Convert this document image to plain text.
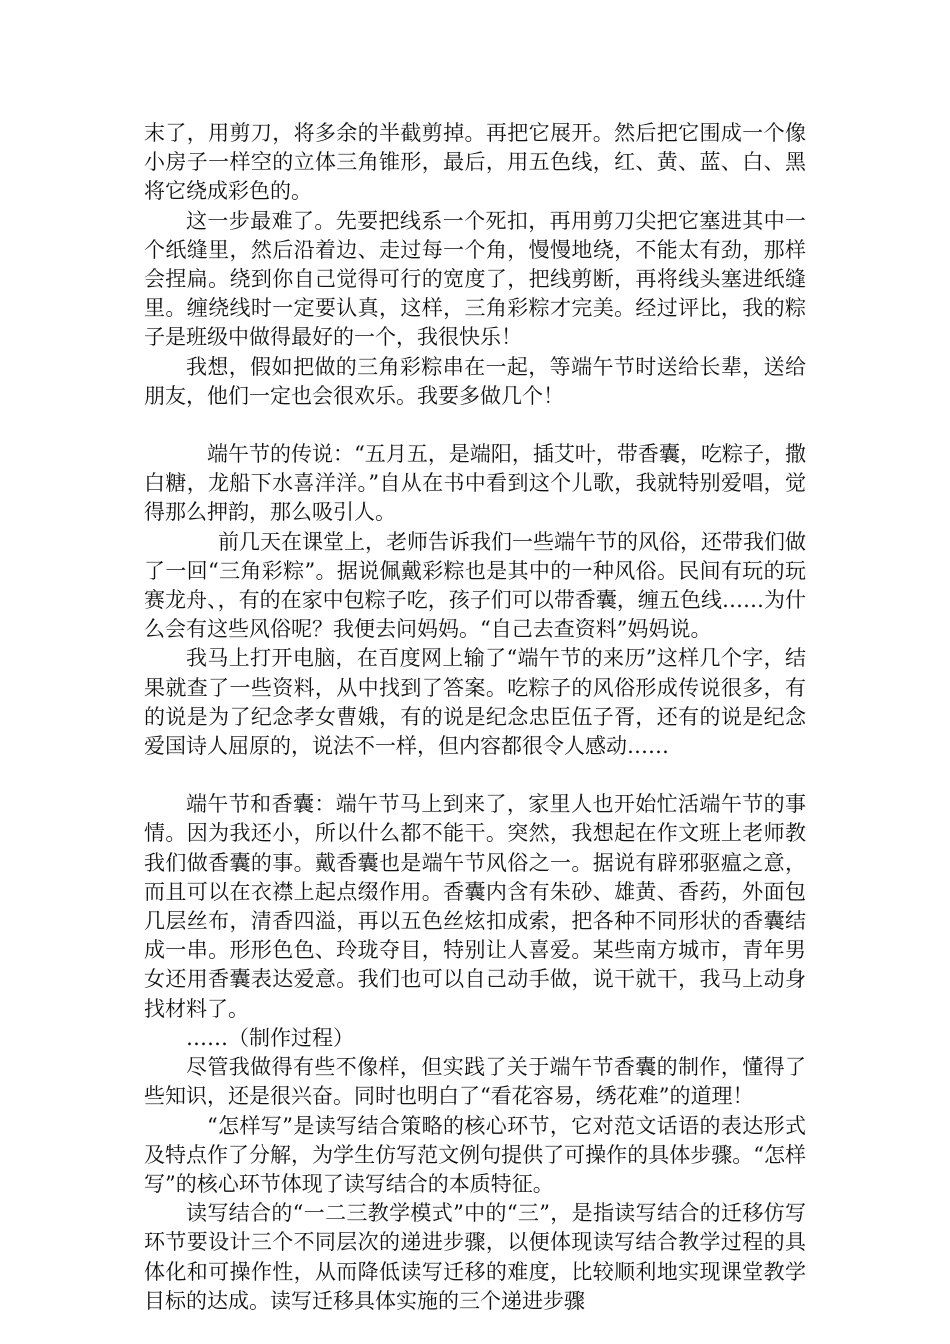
末了，用剪刀，将多余的半截剪掉。再把它展开。然后把它围成一个像小房子一样空的立体三角锥形，最后，用五色线，红、黄、蓝、白、黑将它绕成彩色的。

这一步最难了。先要把线系一个死扣，再用剪刀尖把它塞进其中一个纸缝里，然后沿着边、走过每一个角，慢慢地绕，不能太有劲，那样会捏扁。绕到你自己觉得可行的宽度了，把线剪断，再将线头塞进纸缝里。缠绕线时一定要认真，这样，三角彩粽才完美。经过评比，我的粽子是班级中做得最好的一个，我很快乐！

我想，假如把做的三角彩粽串在一起，等端午节时送给长辈，送给朋友，他们一定也会很欢乐。我要多做几个！

端午节的传说：“五月五，是端阳，插艾叶，带香囊，吃粽子，撒白糖，龙船下水喜洋洋。”自从在书中看到这个儿歌，我就特别爱唱，觉得那么押韵，那么吸引人。

前几天在课堂上，老师告诉我们一些端午节的风俗，还带我们做了一回“三角彩粽”。据说佩戴彩粽也是其中的一种风俗。民间有玩的玩赛龙舟、，有的在家中包粽子吃，孩子们可以带香囊，缠五色线……为什么会有这些风俗呢？我便去问妈妈。“自己去查资料”妈妈说。

我马上打开电脑，在百度网上输了“端午节的来历”这样几个字，结果就查了一些资料，从中找到了答案。吃粽子的风俗形成传说很多，有的说是为了纪念孝女曹娥，有的说是纪念忠臣伍子胥，还有的说是纪念爱国诗人屈原的，说法不一样，但内容都很令人感动……

端午节和香囊：端午节马上到来了，家里人也开始忙活端午节的事情。因为我还小，所以什么都不能干。突然，我想起在作文班上老师教我们做香囊的事。戴香囊也是端午节风俗之一。据说有辟邪驱瘟之意，而且可以在衣襟上起点缀作用。香囊内含有朱砂、雄黄、香药，外面包几层丝布，清香四溢，再以五色丝炫扣成索，把各种不同形状的香囊结成一串。形形色色、玲珑夺目，特别让人喜爱。某些南方城市，青年男女还用香囊表达爱意。我们也可以自己动手做，说干就干，我马上动身找材料了。

……（制作过程）

尽管我做得有些不像样，但实践了关于端午节香囊的制作，懂得了些知识，还是很兴奋。同时也明白了“看花容易，绣花难”的道理！

“怎样写”是读写结合策略的核心环节，它对范文话语的表达形式及特点作了分解，为学生仿写范文例句提供了可操作的具体步骤。“怎样写”的核心环节体现了读写结合的本质特征。

读写结合的“一二三教学模式”中的“三”，是指读写结合的迁移仿写环节要设计三个不同层次的递进步骤，以便体现读写结合教学过程的具体化和可操作性，从而降低读写迁移的难度，比较顺利地实现课堂教学目标的达成。读写迁移具体实施的三个递进步骤
